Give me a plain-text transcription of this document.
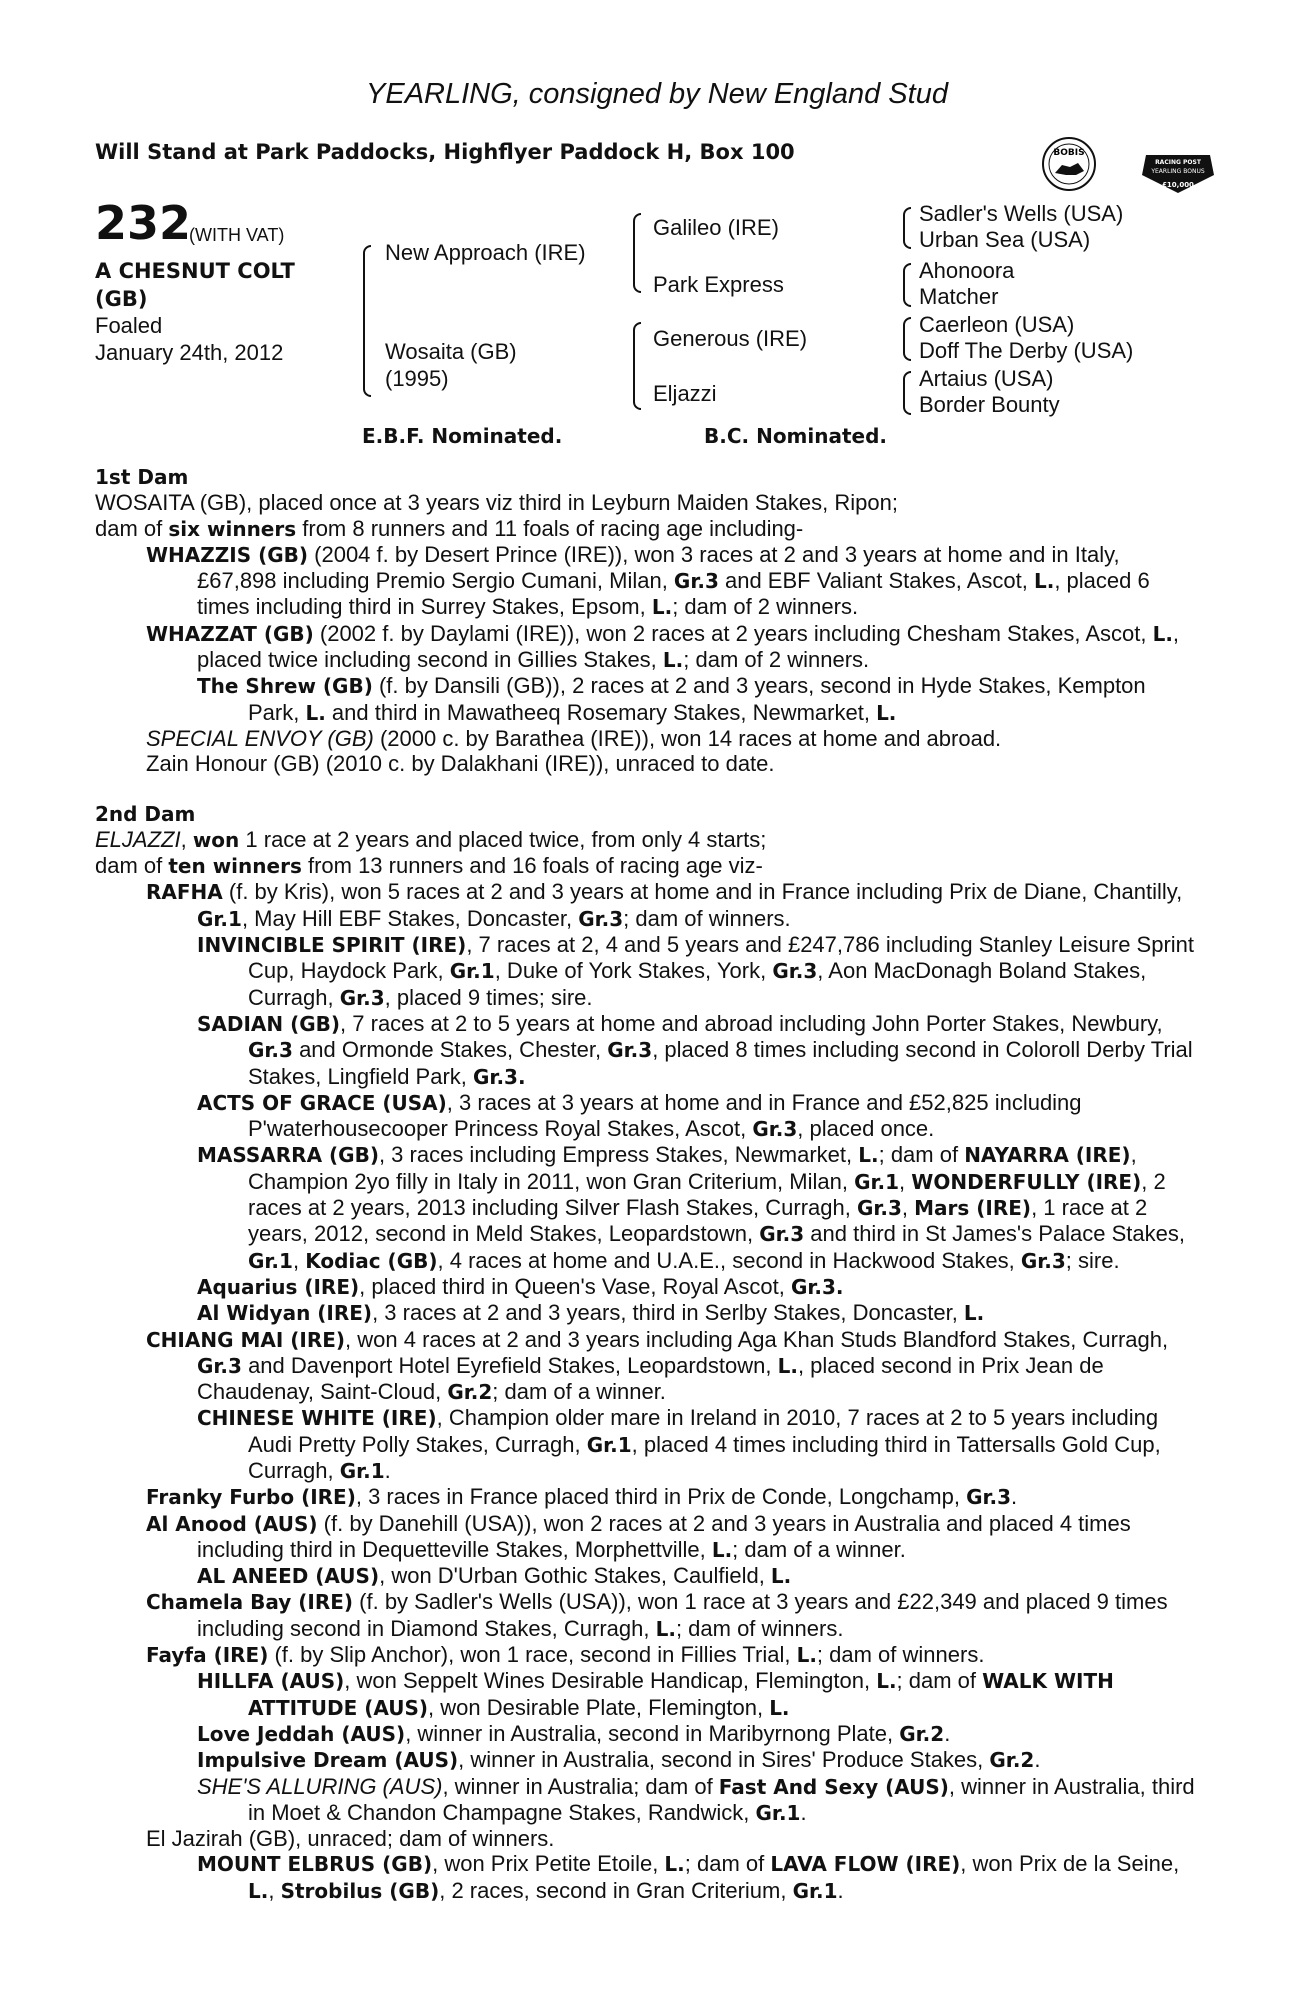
YEARLING, consigned by New England Stud
Will Stand at Park Paddocks, Highflyer Paddock H, Box 100	BOBIS
RACING POST
YEARLING BONUS
£10,000
232
(WITH VAT)
A CHESNUT COLT
(GB)
Foaled
January 24th, 2012
New Approach (IRE)
Wosaita (GB)
(1995)
Galileo (IRE)
Park Express
Generous (IRE)
Eljazzi
Sadler's Wells (USA)
Urban Sea (USA)
Ahonoora
Matcher
Caerleon (USA)
Doff The Derby (USA)
Artaius (USA)
Border Bounty
E.B.F. Nominated.	B.C. Nominated.
1st Dam
WOSAITA (GB), placed once at 3 years viz third in Leyburn Maiden Stakes, Ripon;
dam of six winners from 8 runners and 11 foals of racing age including-
WHAZZIS (GB) (2004 f. by Desert Prince (IRE)), won 3 races at 2 and 3 years at home and in Italy, £67,898 including Premio Sergio Cumani, Milan, Gr.3 and EBF Valiant Stakes, Ascot, L., placed 6 times including third in Surrey Stakes, Epsom, L.; dam of 2 winners.
WHAZZAT (GB) (2002 f. by Daylami (IRE)), won 2 races at 2 years including Chesham Stakes, Ascot, L., placed twice including second in Gillies Stakes, L.; dam of 2 winners.
The Shrew (GB) (f. by Dansili (GB)), 2 races at 2 and 3 years, second in Hyde Stakes, Kempton Park, L. and third in Mawatheeq Rosemary Stakes, Newmarket, L.
SPECIAL ENVOY (GB) (2000 c. by Barathea (IRE)), won 14 races at home and abroad.
Zain Honour (GB) (2010 c. by Dalakhani (IRE)), unraced to date.
2nd Dam
ELJAZZI, won 1 race at 2 years and placed twice, from only 4 starts;
dam of ten winners from 13 runners and 16 foals of racing age viz-
RAFHA (f. by Kris), won 5 races at 2 and 3 years at home and in France including Prix de Diane, Chantilly, Gr.1, May Hill EBF Stakes, Doncaster, Gr.3; dam of winners.
INVINCIBLE SPIRIT (IRE), 7 races at 2, 4 and 5 years and £247,786 including Stanley Leisure Sprint Cup, Haydock Park, Gr.1, Duke of York Stakes, York, Gr.3, Aon MacDonagh Boland Stakes, Curragh, Gr.3, placed 9 times; sire.
SADIAN (GB), 7 races at 2 to 5 years at home and abroad including John Porter Stakes, Newbury, Gr.3 and Ormonde Stakes, Chester, Gr.3, placed 8 times including second in Coloroll Derby Trial Stakes, Lingfield Park, Gr.3.
ACTS OF GRACE (USA), 3 races at 3 years at home and in France and £52,825 including P'waterhousecooper Princess Royal Stakes, Ascot, Gr.3, placed once.
MASSARRA (GB), 3 races including Empress Stakes, Newmarket, L.; dam of NAYARRA (IRE), Champion 2yo filly in Italy in 2011, won Gran Criterium, Milan, Gr.1, WONDERFULLY (IRE), 2 races at 2 years, 2013 including Silver Flash Stakes, Curragh, Gr.3, Mars (IRE), 1 race at 2 years, 2012, second in Meld Stakes, Leopardstown, Gr.3 and third in St James's Palace Stakes, Gr.1, Kodiac (GB), 4 races at home and U.A.E., second in Hackwood Stakes, Gr.3; sire.
Aquarius (IRE), placed third in Queen's Vase, Royal Ascot, Gr.3.
Al Widyan (IRE), 3 races at 2 and 3 years, third in Serlby Stakes, Doncaster, L.
CHIANG MAI (IRE), won 4 races at 2 and 3 years including Aga Khan Studs Blandford Stakes, Curragh, Gr.3 and Davenport Hotel Eyrefield Stakes, Leopardstown, L., placed second in Prix Jean de Chaudenay, Saint-Cloud, Gr.2; dam of a winner.
CHINESE WHITE (IRE), Champion older mare in Ireland in 2010, 7 races at 2 to 5 years including Audi Pretty Polly Stakes, Curragh, Gr.1, placed 4 times including third in Tattersalls Gold Cup, Curragh, Gr.1.
Franky Furbo (IRE), 3 races in France placed third in Prix de Conde, Longchamp, Gr.3.
Al Anood (AUS) (f. by Danehill (USA)), won 2 races at 2 and 3 years in Australia and placed 4 times including third in Dequetteville Stakes, Morphettville, L.; dam of a winner.
AL ANEED (AUS), won D'Urban Gothic Stakes, Caulfield, L.
Chamela Bay (IRE) (f. by Sadler's Wells (USA)), won 1 race at 3 years and £22,349 and placed 9 times including second in Diamond Stakes, Curragh, L.; dam of winners.
Fayfa (IRE) (f. by Slip Anchor), won 1 race, second in Fillies Trial, L.; dam of winners.
HILLFA (AUS), won Seppelt Wines Desirable Handicap, Flemington, L.; dam of WALK WITH ATTITUDE (AUS), won Desirable Plate, Flemington, L.
Love Jeddah (AUS), winner in Australia, second in Maribyrnong Plate, Gr.2.
Impulsive Dream (AUS), winner in Australia, second in Sires' Produce Stakes, Gr.2.
SHE'S ALLURING (AUS), winner in Australia; dam of Fast And Sexy (AUS), winner in Australia, third in Moet & Chandon Champagne Stakes, Randwick, Gr.1.
El Jazirah (GB), unraced; dam of winners.
MOUNT ELBRUS (GB), won Prix Petite Etoile, L.; dam of LAVA FLOW (IRE), won Prix de la Seine, L., Strobilus (GB), 2 races, second in Gran Criterium, Gr.1.
